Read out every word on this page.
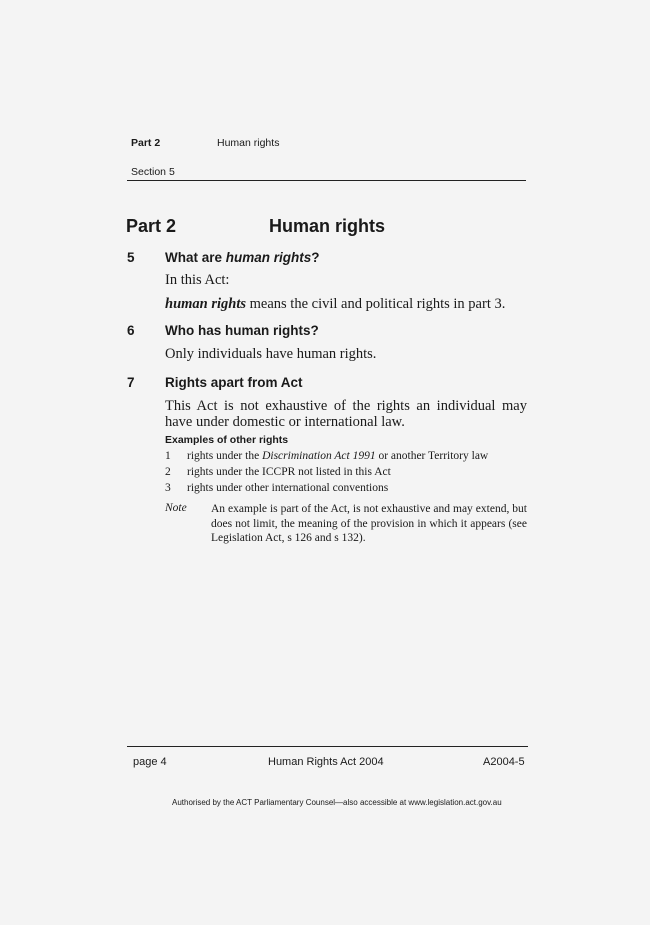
Part 2	Human rights
Section 5
Part 2	Human rights
5 What are human rights?
In this Act:
human rights means the civil and political rights in part 3.
6 Who has human rights?
Only individuals have human rights.
7 Rights apart from Act
This Act is not exhaustive of the rights an individual may have under domestic or international law.
Examples of other rights
1 rights under the Discrimination Act 1991 or another Territory law
2 rights under the ICCPR not listed in this Act
3 rights under other international conventions
Note An example is part of the Act, is not exhaustive and may extend, but does not limit, the meaning of the provision in which it appears (see Legislation Act, s 126 and s 132).
page 4	Human Rights Act 2004	A2004-5
Authorised by the ACT Parliamentary Counsel—also accessible at www.legislation.act.gov.au
